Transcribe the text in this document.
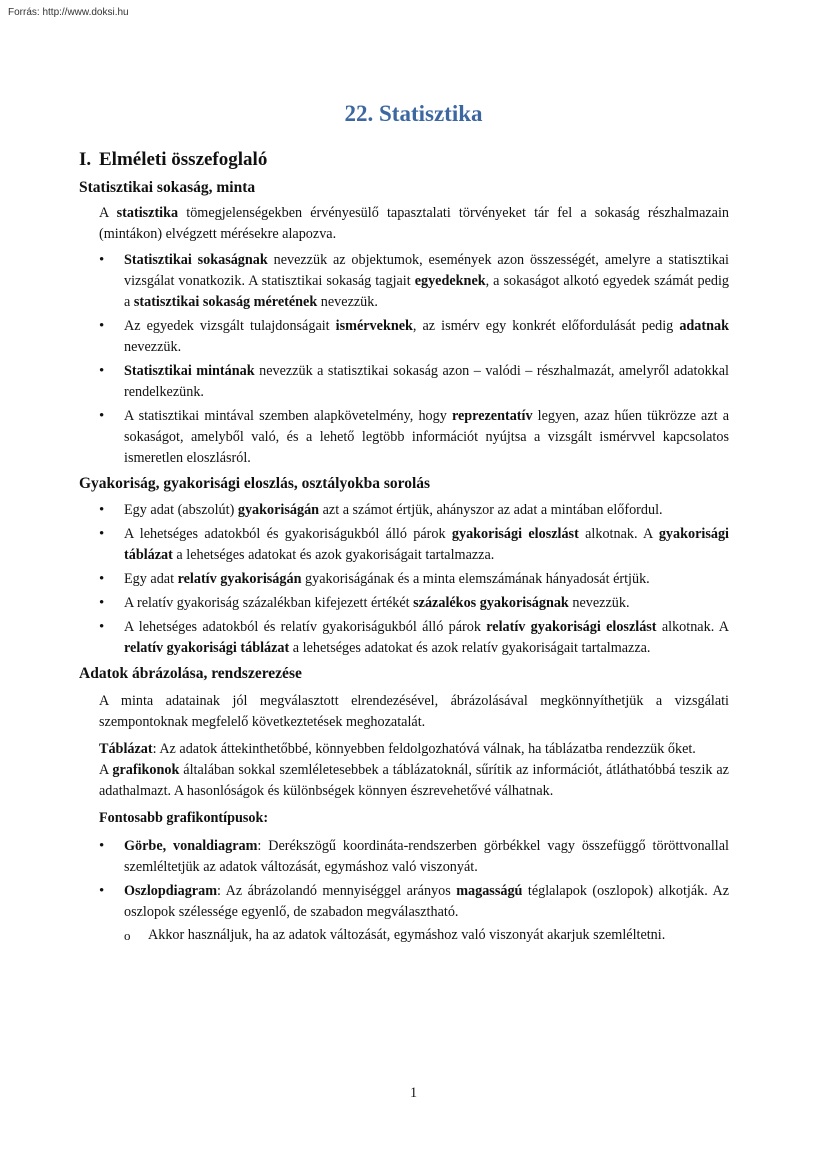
Forrás: http://www.doksi.hu
22. Statisztika
I. Elméleti összefoglaló
Statisztikai sokaság, minta

A statisztika tömegjelenségekben érvényesülő tapasztalati törvényeket tár fel a sokaság részhalmazain (mintákon) elvégzett mérésekre alapozva.

• Statisztikai sokaságnak nevezzük az objektumok, események azon összességét, amelyre a statisztikai vizsgálat vonatkozik. A statisztikai sokaság tagjait egyedeknek, a sokaságot alkotó egyedek számát pedig a statisztikai sokaság méretének nevezzük.
• Az egyedek vizsgált tulajdonságait ismérveknek, az ismérv egy konkrét előfordulását pedig adatnak nevezzük.
• Statisztikai mintának nevezzük a statisztikai sokaság azon – valódi – részhalmazát, amelyről adatokkal rendelkezünk.
• A statisztikai mintával szemben alapkövetelmény, hogy reprezentatív legyen, azaz hűen tükrözze azt a sokaságot, amelyből való, és a lehető legtöbb információt nyújtsa a vizsgált ismérvvel kapcsolatos ismeretlen eloszlásról.
Gyakoriság, gyakorisági eloszlás, osztályokba sorolás
• Egy adat (abszolút) gyakoriságán azt a számot értjük, ahányszor az adat a mintában előfordul.
• A lehetséges adatokból és gyakoriságukból álló párok gyakorisági eloszlást alkotnak. A gyakorisági táblázat a lehetséges adatokat és azok gyakoriságait tartalmazza.
• Egy adat relatív gyakoriságán gyakoriságának és a minta elemszámának hányadosát értjük.
• A relatív gyakoriság százalékban kifejezett értékét százalékos gyakoriságnak nevezzük.
• A lehetséges adatokból és relatív gyakoriságukból álló párok relatív gyakorisági eloszlást alkotnak. A relatív gyakorisági táblázat a lehetséges adatokat és azok relatív gyakoriságait tartalmazza.
Adatok ábrázolása, rendszerezése

A minta adatainak jól megválasztott elrendezésével, ábrázolásával megkönnyíthetjük a vizsgálati szempontoknak megfelelő következtetések meghozatalát.

Táblázat: Az adatok áttekinthetőbbé, könnyebben feldolgozhatóvá válnak, ha táblázatba rendezzük őket.

A grafikonok általában sokkal szemléletesebbek a táblázatoknál, sűrítik az információt, átláthatóbbá teszik az adathalmazt. A hasonlóságok és különbségek könnyen észrevehetővé válhatnak.

Fontosabb grafikontípusok:

• Görbe, vonaldiagram: Derékszögű koordináta-rendszerben görbékkel vagy összefüggő töröttvonallal szemléltetjük az adatok változását, egymáshoz való viszonyát.
• Oszlopdiagram: Az ábrázolandó mennyiséggel arányos magasságú téglalapok (oszlopok) alkotják. Az oszlopok szélessége egyenlő, de szabadon megválasztható.
o Akkor használjuk, ha az adatok változását, egymáshoz való viszonyát akarjuk szemléltetni.
1
